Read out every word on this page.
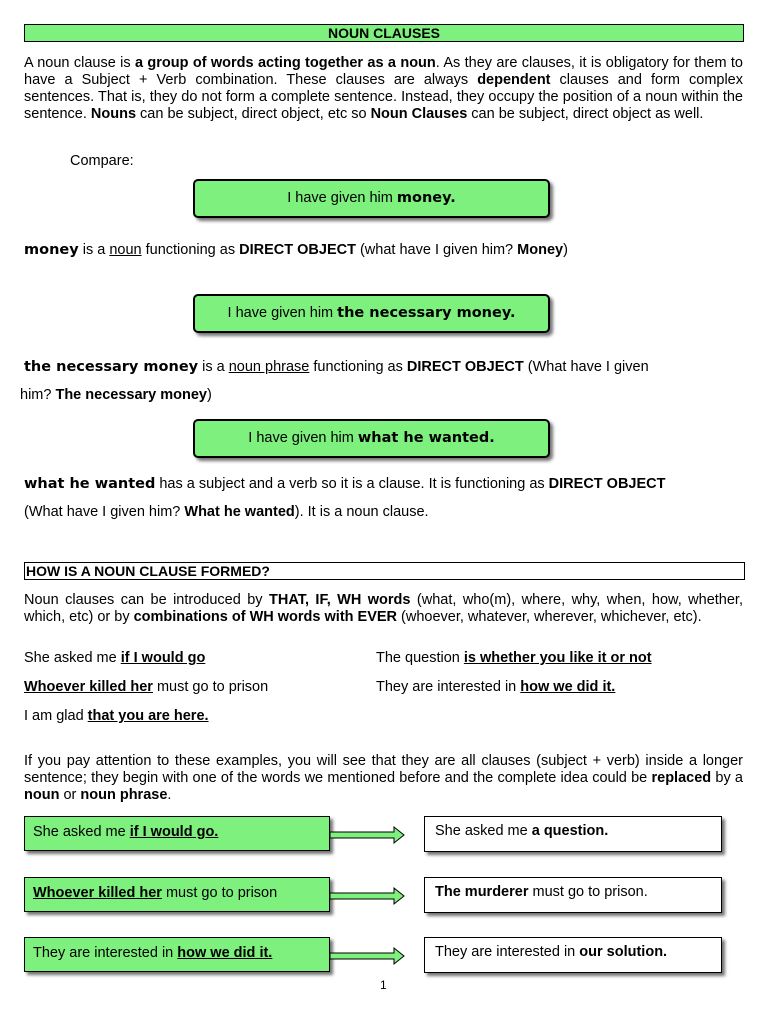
NOUN CLAUSES

A noun clause is a group of words acting together as a noun. As they are clauses, it is obligatory for them to have a Subject + Verb combination. These clauses are always dependent clauses and form complex sentences. That is, they do not form a complete sentence. Instead, they occupy the position of a noun within the sentence. Nouns can be subject, direct object, etc so Noun Clauses can be subject, direct object as well.

Compare:
I have given him money.
money is a noun functioning as DIRECT OBJECT (what have I given him? Money)
I have given him the necessary money.
the necessary money is a noun phrase functioning as DIRECT OBJECT (What have I given
him? The necessary money)
I have given him what he wanted.
what he wanted has a subject and a verb so it is a clause. It is functioning as DIRECT OBJECT
(What have I given him? What he wanted). It is a noun clause.
HOW IS A NOUN CLAUSE FORMED?

Noun clauses can be introduced by THAT, IF, WH words (what, who(m), where, why, when, how, whether, which, etc) or by combinations of WH words with EVER (whoever, whatever, wherever, whichever, etc).

She asked me if I would go	The question is whether you like it or not
Whoever killed her must go to prison	They are interested in how we did it.
I am glad that you are here.

If you pay attention to these examples, you will see that they are all clauses (subject + verb) inside a longer sentence; they begin with one of the words we mentioned before and the complete idea could be replaced by a noun or noun phrase.

She asked me if I would go.	She asked me a question.
Whoever killed her must go to prison	The murderer must go to prison.
They are interested in how we did it.	They are interested in our solution.
1
